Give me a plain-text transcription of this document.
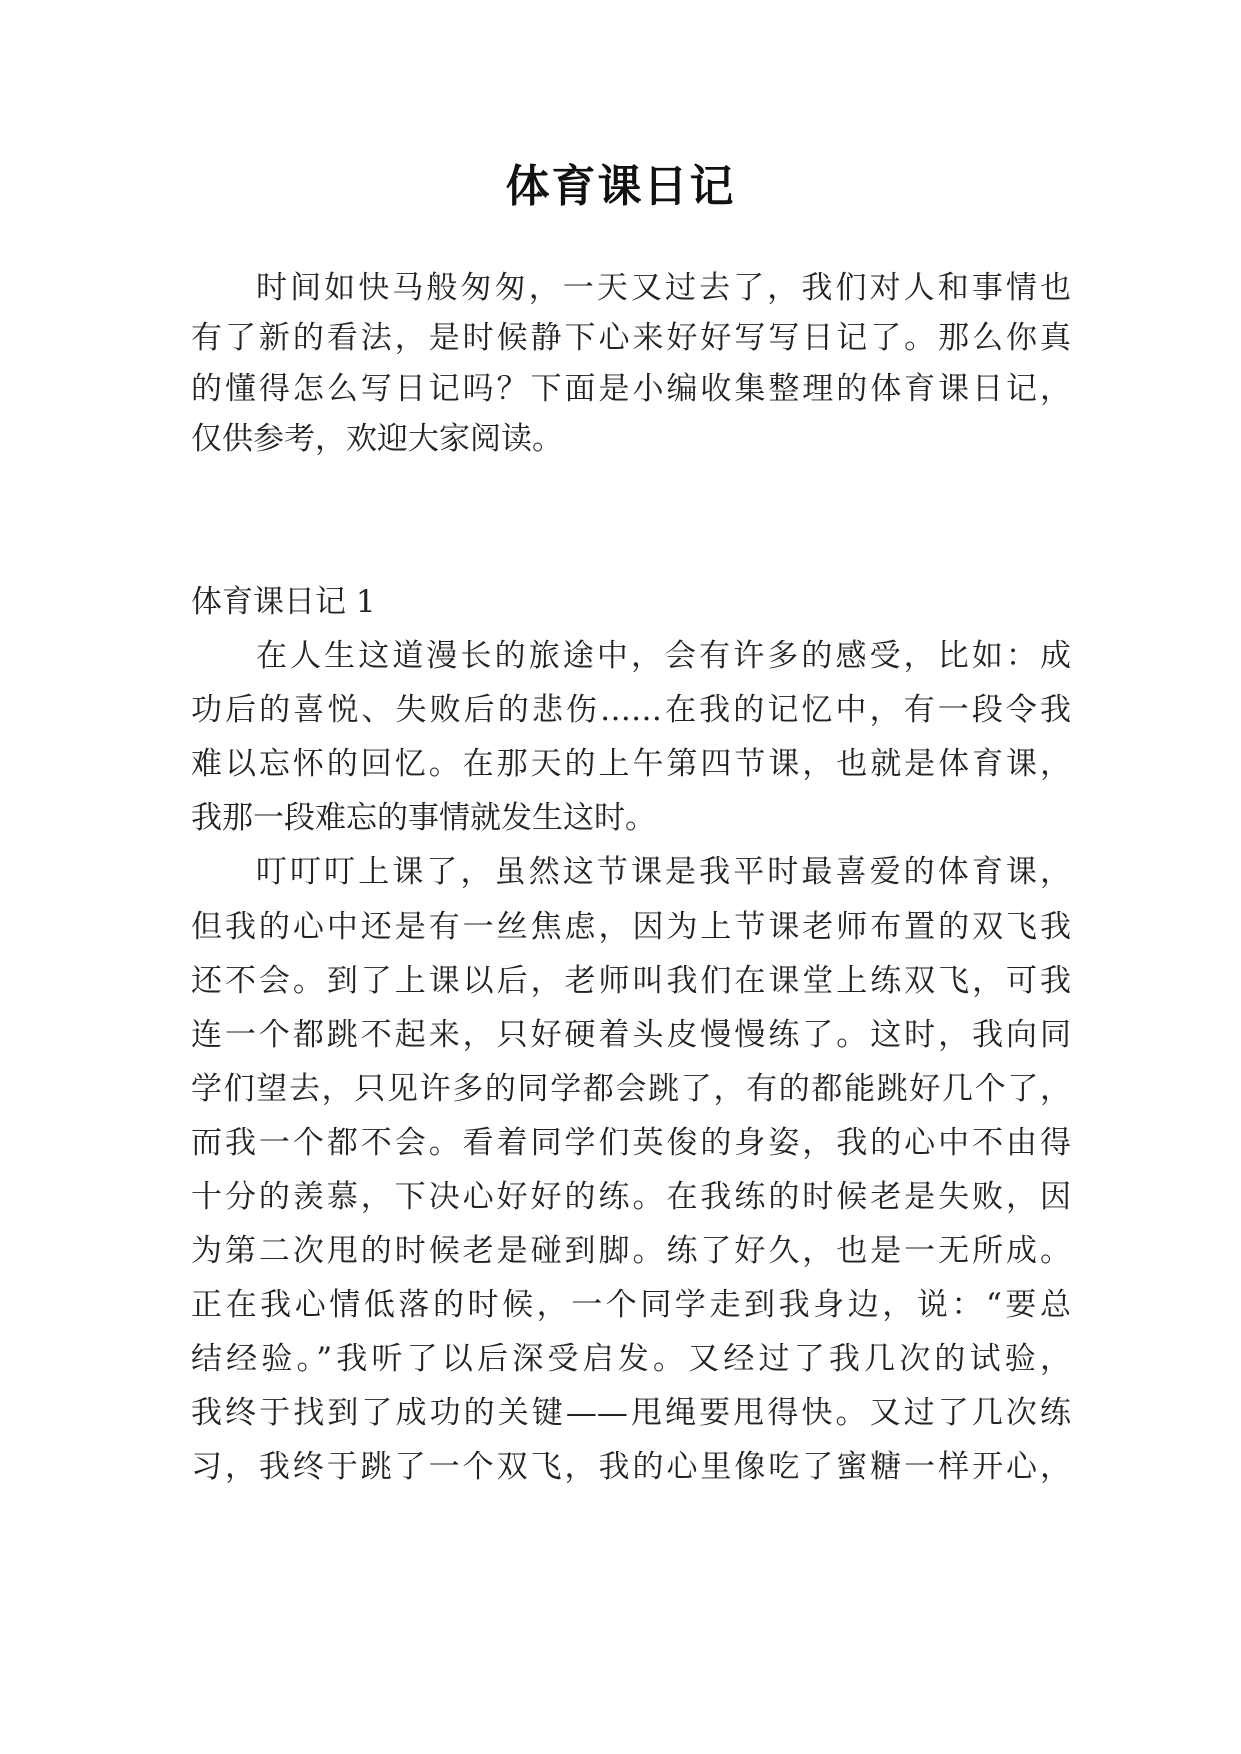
体育课日记

时间如快马般匆匆，一天又过去了，我们对人和事情也

有了新的看法，是时候静下心来好好写写日记了。那么你真

的懂得怎么写日记吗？下面是小编收集整理的体育课日记，

仅供参考，欢迎大家阅读。

体育课日记 1

在人生这道漫长的旅途中，会有许多的感受，比如：成

功后的喜悦、失败后的悲伤……在我的记忆中，有一段令我

难以忘怀的回忆。在那天的上午第四节课，也就是体育课，

我那一段难忘的事情就发生这时。

叮叮叮上课了，虽然这节课是我平时最喜爱的体育课，

但我的心中还是有一丝焦虑，因为上节课老师布置的双飞我

还不会。到了上课以后，老师叫我们在课堂上练双飞，可我

连一个都跳不起来，只好硬着头皮慢慢练了。这时，我向同

学们望去，只见许多的同学都会跳了，有的都能跳好几个了，

而我一个都不会。看着同学们英俊的身姿，我的心中不由得

十分的羡慕，下决心好好的练。在我练的时候老是失败，因

为第二次甩的时候老是碰到脚。练了好久，也是一无所成。

正在我心情低落的时候，一个同学走到我身边，说：“要总

结经验。”我听了以后深受启发。又经过了我几次的试验，

我终于找到了成功的关键——甩绳要甩得快。又过了几次练

习，我终于跳了一个双飞，我的心里像吃了蜜糖一样开心，
